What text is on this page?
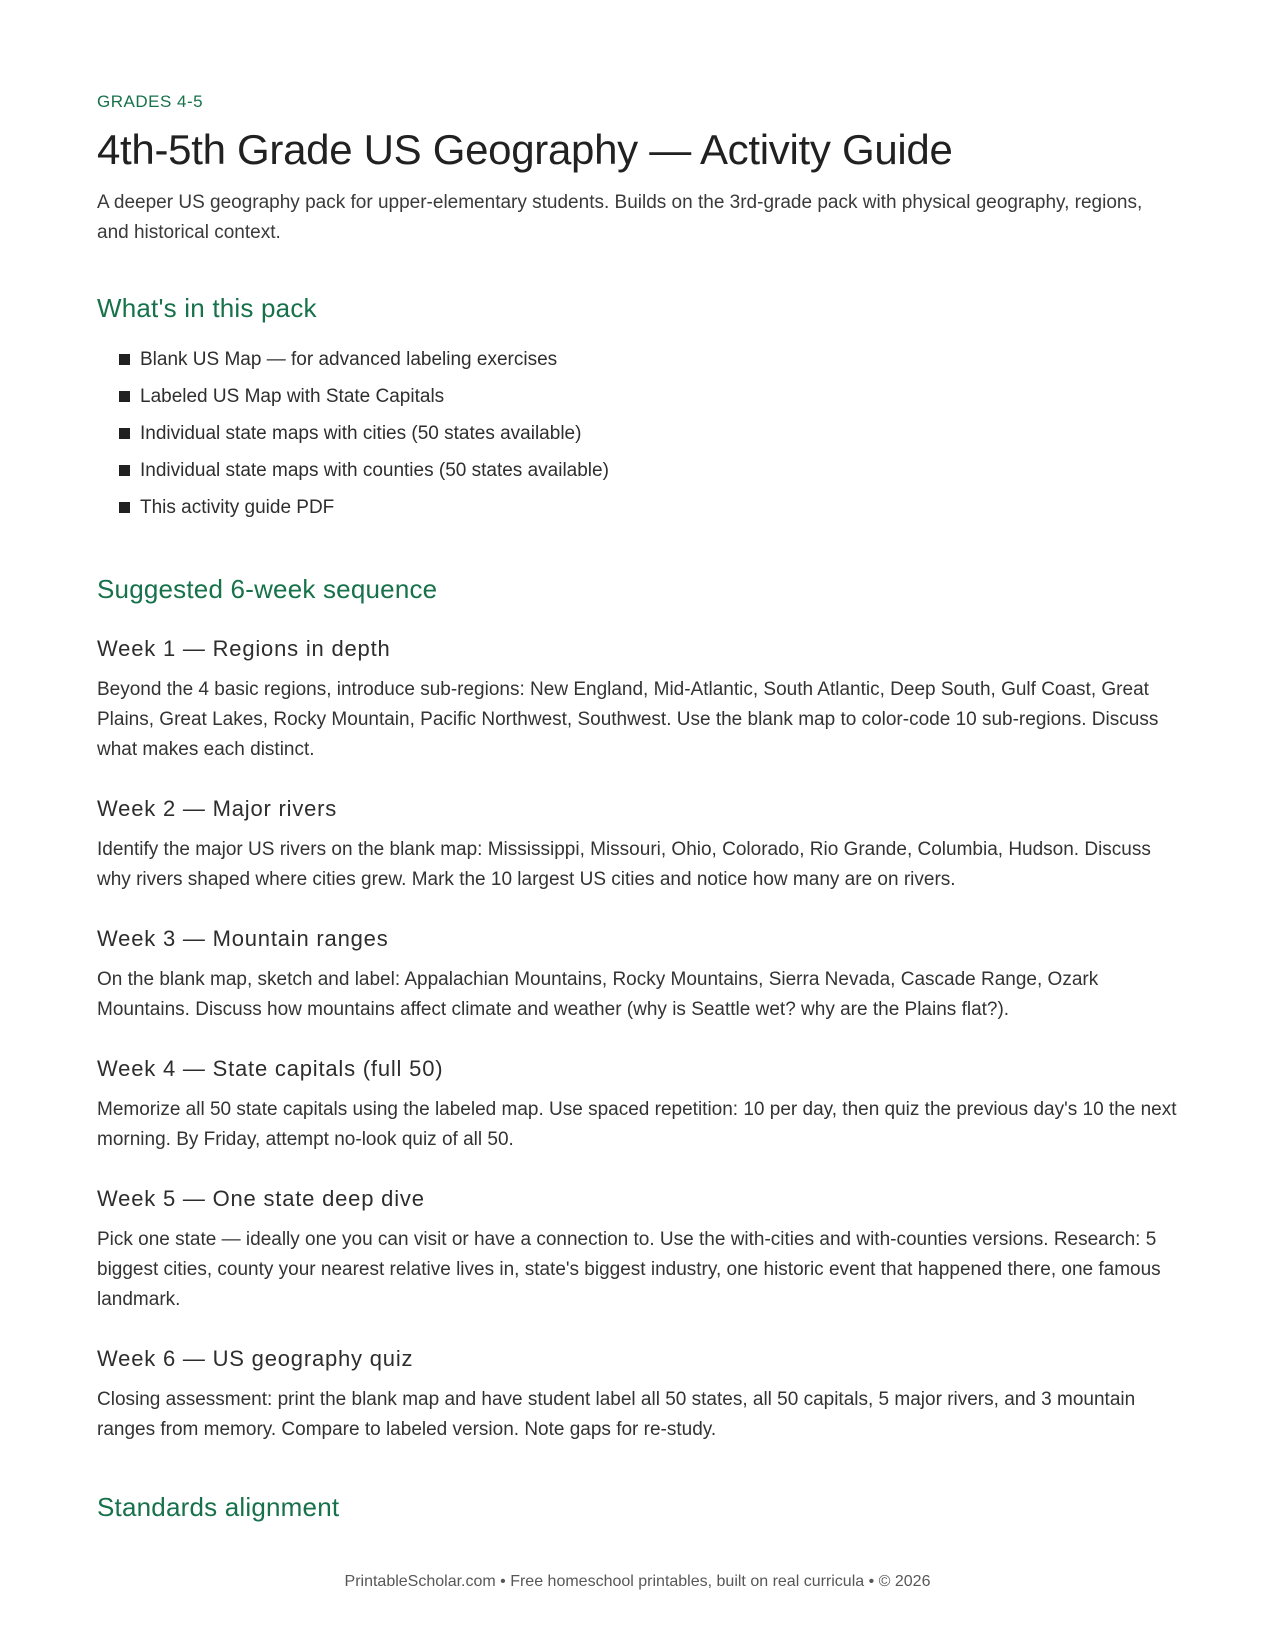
GRADES 4-5
4th-5th Grade US Geography — Activity Guide

A deeper US geography pack for upper-elementary students. Builds on the 3rd-grade pack with physical geography, regions, and historical context.

What's in this pack
Blank US Map — for advanced labeling exercises
Labeled US Map with State Capitals
Individual state maps with cities (50 states available)
Individual state maps with counties (50 states available)
This activity guide PDF
Suggested 6-week sequence
Week 1 — Regions in depth

Beyond the 4 basic regions, introduce sub-regions: New England, Mid-Atlantic, South Atlantic, Deep South, Gulf Coast, Great Plains, Great Lakes, Rocky Mountain, Pacific Northwest, Southwest. Use the blank map to color-code 10 sub-regions. Discuss what makes each distinct.

Week 2 — Major rivers

Identify the major US rivers on the blank map: Mississippi, Missouri, Ohio, Colorado, Rio Grande, Columbia, Hudson. Discuss why rivers shaped where cities grew. Mark the 10 largest US cities and notice how many are on rivers.

Week 3 — Mountain ranges

On the blank map, sketch and label: Appalachian Mountains, Rocky Mountains, Sierra Nevada, Cascade Range, Ozark Mountains. Discuss how mountains affect climate and weather (why is Seattle wet? why are the Plains flat?).

Week 4 — State capitals (full 50)

Memorize all 50 state capitals using the labeled map. Use spaced repetition: 10 per day, then quiz the previous day's 10 the next morning. By Friday, attempt no-look quiz of all 50.

Week 5 — One state deep dive

Pick one state — ideally one you can visit or have a connection to. Use the with-cities and with-counties versions. Research: 5 biggest cities, county your nearest relative lives in, state's biggest industry, one historic event that happened there, one famous landmark.

Week 6 — US geography quiz

Closing assessment: print the blank map and have student label all 50 states, all 50 capitals, 5 major rivers, and 3 mountain ranges from memory. Compare to labeled version. Note gaps for re-study.

Standards alignment
PrintableScholar.com • Free homeschool printables, built on real curricula • © 2026
